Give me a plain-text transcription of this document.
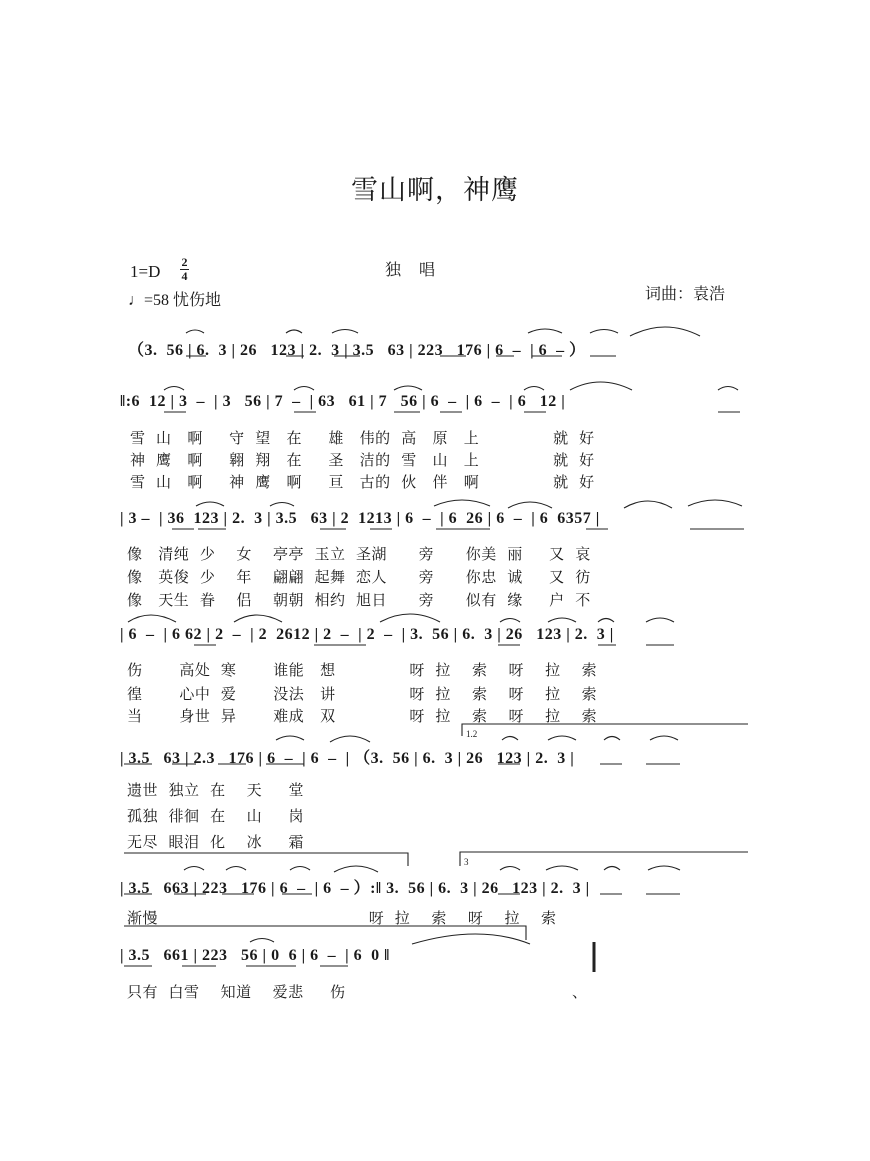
雪山啊，神鹰
独唱
1=D 2
4
♩=58 忧伤地	词曲：袁浩
（3.  56 | 6.  3 | 26   123 | 2.  3 | 3.5   63 | 223   176 | 6  –  | 6  – ）
‖:6  12 | 3  –  | 3   56 | 7  –  | 63   61 | 7   56 | 6  –  | 6  –  | 6   12 |
| 3 –  | 36  123 | 2.  3 | 3.5   63 | 2  1213 | 6  –  | 6  26 | 6  –  | 6  6357 |
| 6  –  | 6 62 | 2  –  | 2  2612 | 2  –  | 2  –  | 3.  56 | 6.  3 | 26   123 | 2.  3 |
| 3.5   63 | 2.3   176 | 6  –  | 6  –  | （3.  56 | 6.  3 | 26   123 | 2.  3 |
| 3.5   663 | 223   176 | 6  –  | 6  – ）:‖ 3.  56 | 6.  3 | 26   123 | 2.  3 |
| 3.5   661 | 223   56 | 0  6 | 6  –  | 6  0 ‖
雪  山   啊     守  望   在     雄   伟的  高   原   上              就  好
神  鹰   啊     翱  翔   在     圣   洁的  雪   山   上              就  好
雪  山   啊     神  鹰   啊     亘   古的  伙   伴   啊              就  好
像   清纯  少    女    亭亭  玉立  圣湖      旁      你美  丽     又  哀
像   英俊  少    年    翩翩  起舞  恋人      旁      你忠  诚     又  彷
像   天生  眷    侣    朝朝  相约  旭日      旁      似有  缘     户  不
伤       高处  寒       谁能   想              呀  拉    索    呀    拉    索
徨       心中  爱       没法   讲              呀  拉    索    呀    拉    索
当       身世  异       难成   双              呀  拉    索    呀    拉    索
遗世  独立  在    天     堂
孤独  徘徊  在    山     岗
无尽  眼泪  化    冰     霜
渐慢                                        呀  拉    索    呀    拉    索
只有  白雪    知道    爱悲     伤                                           、
1.2
3
